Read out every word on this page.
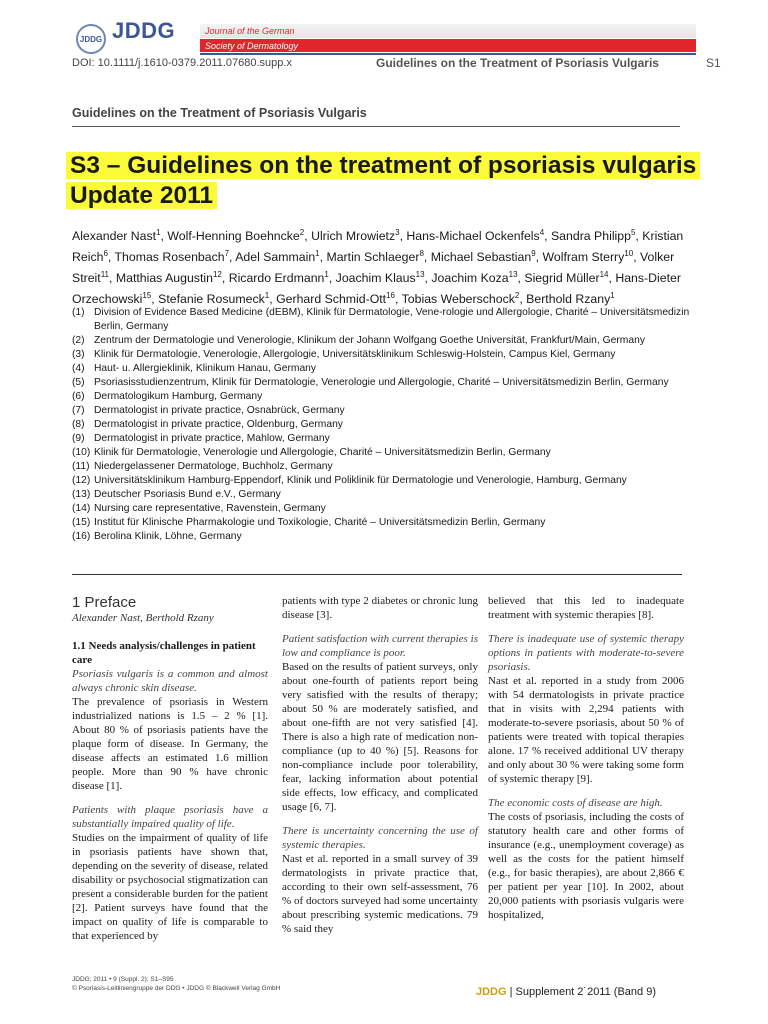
JDDG JDDG	Journal of the German
Society of Dermatology
DOI: 10.1111/j.1610-0379.2011.07680.supp.x	Guidelines on the Treatment of Psoriasis Vulgaris	S1
Guidelines on the Treatment of Psoriasis Vulgaris
S3 – Guidelines on the treatment of psoriasis vulgaris
Update 2011
Alexander Nast$^1$, Wolf-Henning Boehncke$^2$, Ulrich Mrowietz$^3$, Hans-Michael Ockenfels$^4$, Sandra Philipp$^5$, Kristian Reich$^6$, Thomas Rosenbach$^7$, Adel Sammain$^1$, Martin Schlaeger$^8$, Michael Sebastian$^9$, Wolfram Sterry$^{10}$, Volker Streit$^{11}$, Matthias Augustin$^{12}$, Ricardo Erdmann$^1$, Joachim Klaus$^{13}$, Joachim Koza$^{13}$, Siegrid Müller$^{14}$, Hans-Dieter Orzechowski$^{15}$, Stefanie Rosumeck$^1$, Gerhard Schmid-Ott$^{16}$, Tobias Weberschock$^2$, Berthold Rzany$^1$
(1) Division of Evidence Based Medicine (dEBM), Klinik für Dermatologie, Vene-rologie und Allergologie, Charité – Universitätsmedizin Berlin, Germany
(2) Zentrum der Dermatologie und Venerologie, Klinikum der Johann Wolfgang Goethe Universität, Frankfurt/Main, Germany
(3) Klinik für Dermatologie, Venerologie, Allergologie, Universitätsklinikum Schleswig-Holstein, Campus Kiel, Germany
(4) Haut- u. Allergieklinik, Klinikum Hanau, Germany
(5) Psoriasisstudienzentrum, Klinik für Dermatologie, Venerologie und Allergologie, Charité – Universitätsmedizin Berlin, Germany
(6) Dermatologikum Hamburg, Germany
(7) Dermatologist in private practice, Osnabrück, Germany
(8) Dermatologist in private practice, Oldenburg, Germany
(9) Dermatologist in private practice, Mahlow, Germany
(10) Klinik für Dermatologie, Venerologie und Allergologie, Charité – Universitätsmedizin Berlin, Germany
(11) Niedergelassener Dermatologe, Buchholz, Germany
(12) Universitätsklinikum Hamburg-Eppendorf, Klinik und Poliklinik für Dermatologie und Venerologie, Hamburg, Germany
(13) Deutscher Psoriasis Bund e.V., Germany
(14) Nursing care representative, Ravenstein, Germany
(15) Institut für Klinische Pharmakologie und Toxikologie, Charité – Universitätsmedizin Berlin, Germany
(16) Berolina Klinik, Löhne, Germany
1 Preface
Alexander Nast, Berthold Rzany
1.1 Needs analysis/challenges in patient care

Psoriasis vulgaris is a common and almost always chronic skin disease.

The prevalence of psoriasis in Western industrialized nations is 1.5 – 2 % [1]. About 80 % of psoriasis patients have the plaque form of disease. In Germany, the disease affects an estimated 1.6 million people. More than 90 % have chronic disease [1].

Patients with plaque psoriasis have a substantially impaired quality of life.

Studies on the impairment of quality of life in psoriasis patients have shown that, depending on the severity of disease, related disability or psychosocial stigmatization can present a considerable burden for the patient [2]. Patient surveys have found that the impact on quality of life is comparable to that experienced by

patients with type 2 diabetes or chronic lung disease [3].

Patient satisfaction with current therapies is low and compliance is poor.

Based on the results of patient surveys, only about one-fourth of patients report being very satisfied with the results of therapy; about 50 % are moderately satisfied, and about one-fifth are not very satisfied [4]. There is also a high rate of medication non-compliance (up to 40 %) [5]. Reasons for non-compliance include poor tolerability, fear, lacking information about potential side effects, low efficacy, and complicated usage [6, 7].

There is uncertainty concerning the use of systemic therapies.

Nast et al. reported in a small survey of 39 dermatologists in private practice that, according to their own self-assessment, 76 % of doctors surveyed had some uncertainty about prescribing systemic medications. 79 % said they

believed that this led to inadequate treatment with systemic therapies [8].

There is inadequate use of systemic therapy options in patients with moderate-to-severe psoriasis.

Nast et al. reported in a study from 2006 with 54 dermatologists in private practice that in visits with 2,294 patients with moderate-to-severe psoriasis, about 50 % of patients were treated with topical therapies alone. 17 % received additional UV therapy and only about 30 % were taking some form of systemic therapy [9].

The economic costs of disease are high.

The costs of psoriasis, including the costs of statutory health care and other forms of insurance (e.g., unemployment coverage) as well as the costs for the patient himself (e.g., for basic therapies), are about 2,866 € per patient per year [10]. In 2002, about 20,000 patients with psoriasis vulgaris were hospitalized,

JDDG; 2011 • 9 (Suppl. 2): S1–S95
© Psoriasis-Leitliniengruppe der DDG • JDDG © Blackwell Verlag GmbH	JDDG | Supplement 2˙2011 (Band 9)
